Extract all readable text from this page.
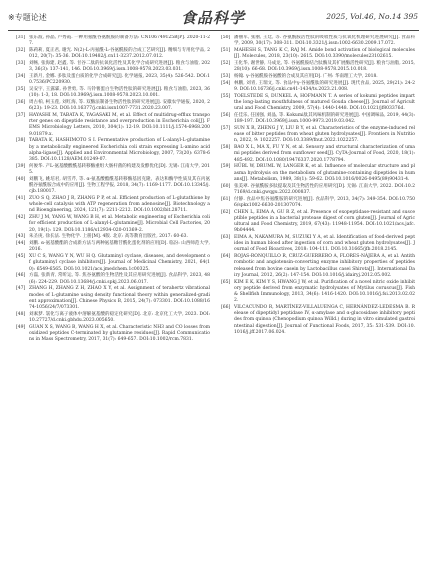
※专题论述	食品科学	2025, Vol.46, No.14 395
[31] 张东波, 孙晶, 卢秀霞. 一种用氨酰谷氨酰胺的制备方法: CN106749125B[P]. 2020-11-27.
[32] 陈莉莉, 夏正君, 谢光. N(2)-L-丙氨酰-L-谷氨酰胺的合成工艺研究[J]. 精细与专用化学品, 2012, 20(7): 35-36. DOI:10.19482/j.cn11-3237.2012.07.012.
[33] 刘畅, 张海建, 赵鑫, 等. 甘谷二肽的抗氧化活性及其化学合成研究进展[J]. 粮食与油脂, 2023, 36(3): 137-141, 146. DOI:10.3969/j.issn.1008-9578.2023.03.031.
[34] 王新月, 金娜. 多肽及蛋白质的化学合成研究[J]. 化学通报, 2023, 35(4): 526-542. DOI:10.7536/PC220930.
[35] 吴安宇, 王露霖, 孙世勇, 等. 马铃薯蛋白生物活性肽的研究进展[J]. 粮食与油脂, 2023, 36(10): 1-3, 18. DOI:10.3969/j.issn.1008-9578.2023.10.001.
[36] 周古柏, 柯玉莲, 刘红海, 等. 双酶法制备生物活性肽的研究进展[J]. 安徽农学通报, 2020, 26(23): 19-23. DOI:10.16377/j.cnki.issn1007-7731.2020.23.007.
[37] HAYASHI M, TABATA K, YAGASAKI M, et al. Effect of multidrug-efflux transporter genes on dipeptide resistance and overproduction in Escherichia coli[J]. FEMS Microbiology Letters, 2010, 304(1): 12-19. DOI:10.1111/j.1574-6968.2009.01879.x.
[38] TABATA K, HASHIMOTO S I. Fermentative production of L-alanyl-L-glutamine by a metabolically engineered Escherichia coli strain expressing L-amino acid alpha-ligase[J]. Applied and Environmental Microbiology, 2007, 73(20): 6378-6385. DOI:10.1128/AEM.01249-07.
[39] 何俊华. 产L-氨基酸酸酰基转移酶重组大肠杆菌的构建及发酵优化[D]. 无锡: 江南大学, 2015.
[40] 刘鹏飞, 姚培君, 胡雪芹, 等. α-氨基酸酯酰基转移酶基因克隆、表达和酶学性质及其在丙氨酰谷氨酰胺合成中的应用[J]. 生物工程学报, 2018, 34(7): 1169-1177. DOI:10.13345/j.cjb.180017.
[41] ZUO S Q, ZHAO J R, ZHANG P P, et al. Efficient production of L-glutathione by whole-cell catalysis with ATP regeneration from adenosine[J]. Biotechnology and Bioengineering, 2024, 121(7): 2211-2212. DOI:10.1002/bit.28711.
[42] ZHU J M, YANG W, WANG B H, et al. Metabolic engineering of Escherichia coli for efficient production of L-alanyl-L-glutamine[J]. Microbial Cell Factories, 2020, 19(1): 129. DOI:10.1186/s12934-020-01369-2.
[43] 朱圣庚, 徐长法. 生物化学. 上册[M]. 4版. 北京: 高等教育出版社, 2017: 60-63.
[44] 刘鹏. α-氨基酸酯的合成新方法与两种氨基糖苷酰化蛋化剂的应用[D]. 临汾: 山西师范大学, 2016.
[45] XU C S, WANG Y N, WU H Q. Glutaminyl cyclase, diseases, and development of glutaminyl cyclase inhibitors[J]. Journal of Medicinal Chemistry, 2021, 64(10): 6549-6565. DOI:10.1021/acs.jmedchem.1c00325.
[46] 方磊, 张新青, 常昕运, 等. 焦谷氨酸的生物活性及其应用研究进展[J]. 食品科学, 2023, 48(6): 224-229. DOI:10.13684/j.cnki.spkj.2023.06.017.
[47] ZHANG H, ZHANG Z H, ZHAO X Y, et al. Assignment of terahertz vibrational modes of L-glutamine using density functional theory within generalized-gradient approximation[J]. Chinese Physics B, 2015, 24(7): 073301. DOI:10.1088/1674-1056/24/7/073301.
[48] 刘素梦. 氯化与离子液体中溶解氨基酸的稳定化研究[D]. 北京: 北京化工大学, 2023. DOI:10.27727/d.cnki.gbhdu.2023.005650.
[49] GUAN X S, WANG B, WANG H X, et al. Characteristic NH3 and CO losses from oxidized peptides C-terminated by glutamine residues[J]. Rapid Communications in Mass Spectrometry, 2017, 31(7): 649-657. DOI:10.1002/rcm.7831.
[50] 潘丽军, 张丽, 王廷, 等. 谷氨酰胺活性肽的吸收性质与抗氧化机理研究进展研究[J]. 食品科学, 2009, 30(17): 308-311. DOI:10.3321/j.issn:1002-6630.2009.17.072.
[51] MAHESH S, TANG K C, RAJ M. Amide bond activation of biological molecules[J]. Molecules, 2018, 23(10): 2615. DOI:10.3390/molecules23102615.
[52] 王化华, 谢世静, 马成龙, 等. 谷氨酰胺结合肽酶及其扩展酶活性研究[J]. 粮食与油脂, 2015, 28(10): 66-68. DOI:10.3969/j.issn.1008-9578.2015.10.018.
[53] 杨翰. γ-谷氨酰胺谷氨酸的合成及其应用[D]. 广州: 华南理工大学, 2018.
[54] 林鹏, 刘青, 王瑞文, 等. 食品中γ-谷氨酰肽的研究进展[J]. 现代食品, 2025, 29(21): 24-29. DOI:10.16736/j.cnki.cn41-1434/ts.2023.21.008.
[55] TOELSTEDE S, DUNKEL A, HOFMANN T. A series of kokumi peptides impart the long-lasting mouthfulness of matured Gouda cheese[J]. Journal of Agricultural and Food Chemistry, 2009, 57(4): 1440-1448. DOI:10.1021/jf803376d.
[56] 任佳乐, 任国强, 刘晶, 等. Kokumi肽其风味机制的研究进展[J]. 中国调味品, 2019, 44(3): 189-197. DOI:10.3969/j.issn.1000-9973.2019.03.042.
[57] SUN X R, ZHENG J Y, LIU B Y, et al. Characteristics of the enzyme-induced release of bitter peptides from wheat gluten hydrolysates[J]. Frontiers in Nutrition, 2022, 9: 1022257. DOI:10.3389/fnut.2022.1022257.
[58] BAO X L, MA X, FU Y N, et al. Sensory and structural characterization of umami peptides derived from sunflower seed[J]. CyTA-Journal of Food, 2020, 18(1): 485-492. DOI:10.1080/19476337.2020.1778794.
[59] HÜBL W, DRUML W, LANGER K, et al. Influence of molecular structure and plasma hydrolysis on the metabolism of glutamine-containing dipeptides in humans[J]. Metabolism, 1989, 38(1): 59-62. DOI:10.1016/0026-0495(89)90431-4.
[60] 张美翠. 谷氨酰胺多肽提取及其生物活性的应用研究[D]. 无锡: 江南大学, 2022. DOI:10.27169/d.cnki.gwqgu.2022.000837.
[61] 付静. 食品中焦谷氨酰胺的研究进展[J]. 食品科学, 2013, 34(7): 349-354. DOI:10.7506/spkx1002-6630-201307074.
[62] CHEN L, EIMA A, GU R Z, et al. Presence of exopeptidase-resistant and susceptible peptides in a bacterial protease digest of corn gluten[J]. Journal of Agricultural and Food Chemistry, 2019, 67(43): 11948-11954. DOI:10.1021/acs.jafc.9b04444.
[63] EIMA A, NAKAMURA M, SUZUKI Y A, et al. Identification of food-derived peptides in human blood after ingestion of corn and wheat gluten hydrolysates[J]. Journal of Food Bioactives, 2018: 104-111. DOI:10.31665/jfb.2018.2145.
[64] ROJAS-RONQUILLO R, CRUZ-GUERRERO A, FLORES-NÁJERA A, et al. Antithrombotic and angiotensin-converting enzyme inhibitory properties of peptides released from bovine casein by Lactobacillus casei Shirota[J]. International Dairy Journal, 2012, 26(2): 147-154. DOI:10.1016/j.idairyj.2012.05.002.
[65] KIM E K, KIM Y S, HWANG J W, et al. Purification of a novel nitric oxide inhibitory peptide derived from enzymatic hydrolysates of Mytilus coruscus[J]. Fish & Shellfish Immunology, 2013, 34(6): 1416-1420. DOI:10.1016/j.fsi.2013.02.022.
[66] VILCACUNDO R, MARTÍNEZ-VILLALUENGA C, HERNÁNDEZ-LEDESMA B. Release of dipeptidyl peptidase IV, α-amylase and α-glucosidase inhibitory peptides from quinoa (Chenopodium quinoa Willd.) during in vitro simulated gastrointestinal digestion[J]. Journal of Functional Foods, 2017, 35: 531-539. DOI:10.1016/j.jff.2017.06.024.
